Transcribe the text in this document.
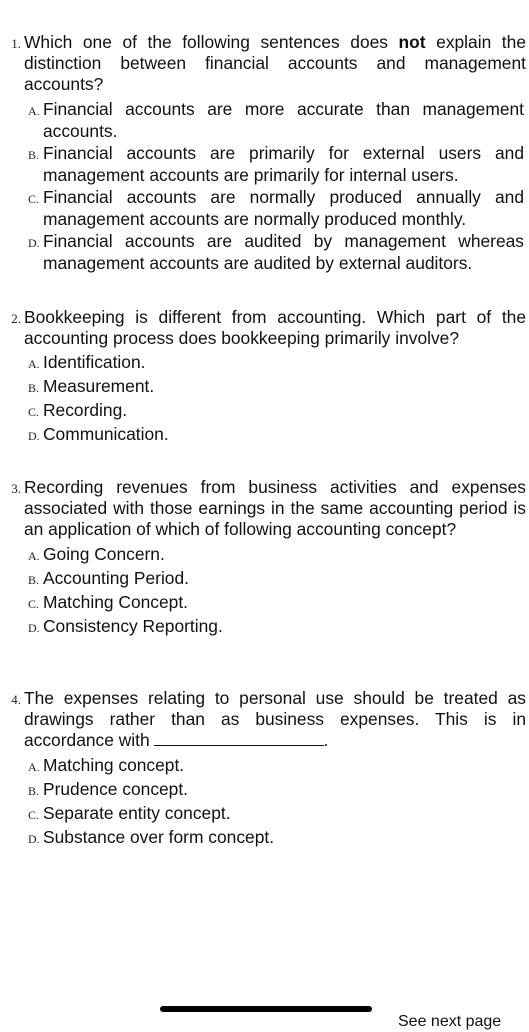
1. Which one of the following sentences does not explain the distinction between financial accounts and management accounts?
A. Financial accounts are more accurate than management accounts.
B. Financial accounts are primarily for external users and management accounts are primarily for internal users.
C. Financial accounts are normally produced annually and management accounts are normally produced monthly.
D. Financial accounts are audited by management whereas management accounts are audited by external auditors.
2. Bookkeeping is different from accounting. Which part of the accounting process does bookkeeping primarily involve?
A. Identification.
B. Measurement.
C. Recording.
D. Communication.
3. Recording revenues from business activities and expenses associated with those earnings in the same accounting period is an application of which of following accounting concept?
A. Going Concern.
B. Accounting Period.
C. Matching Concept.
D. Consistency Reporting.
4. The expenses relating to personal use should be treated as drawings rather than as business expenses. This is in accordance with	.
A. Matching concept.
B. Prudence concept.
C. Separate entity concept.
D. Substance over form concept.
See next page
